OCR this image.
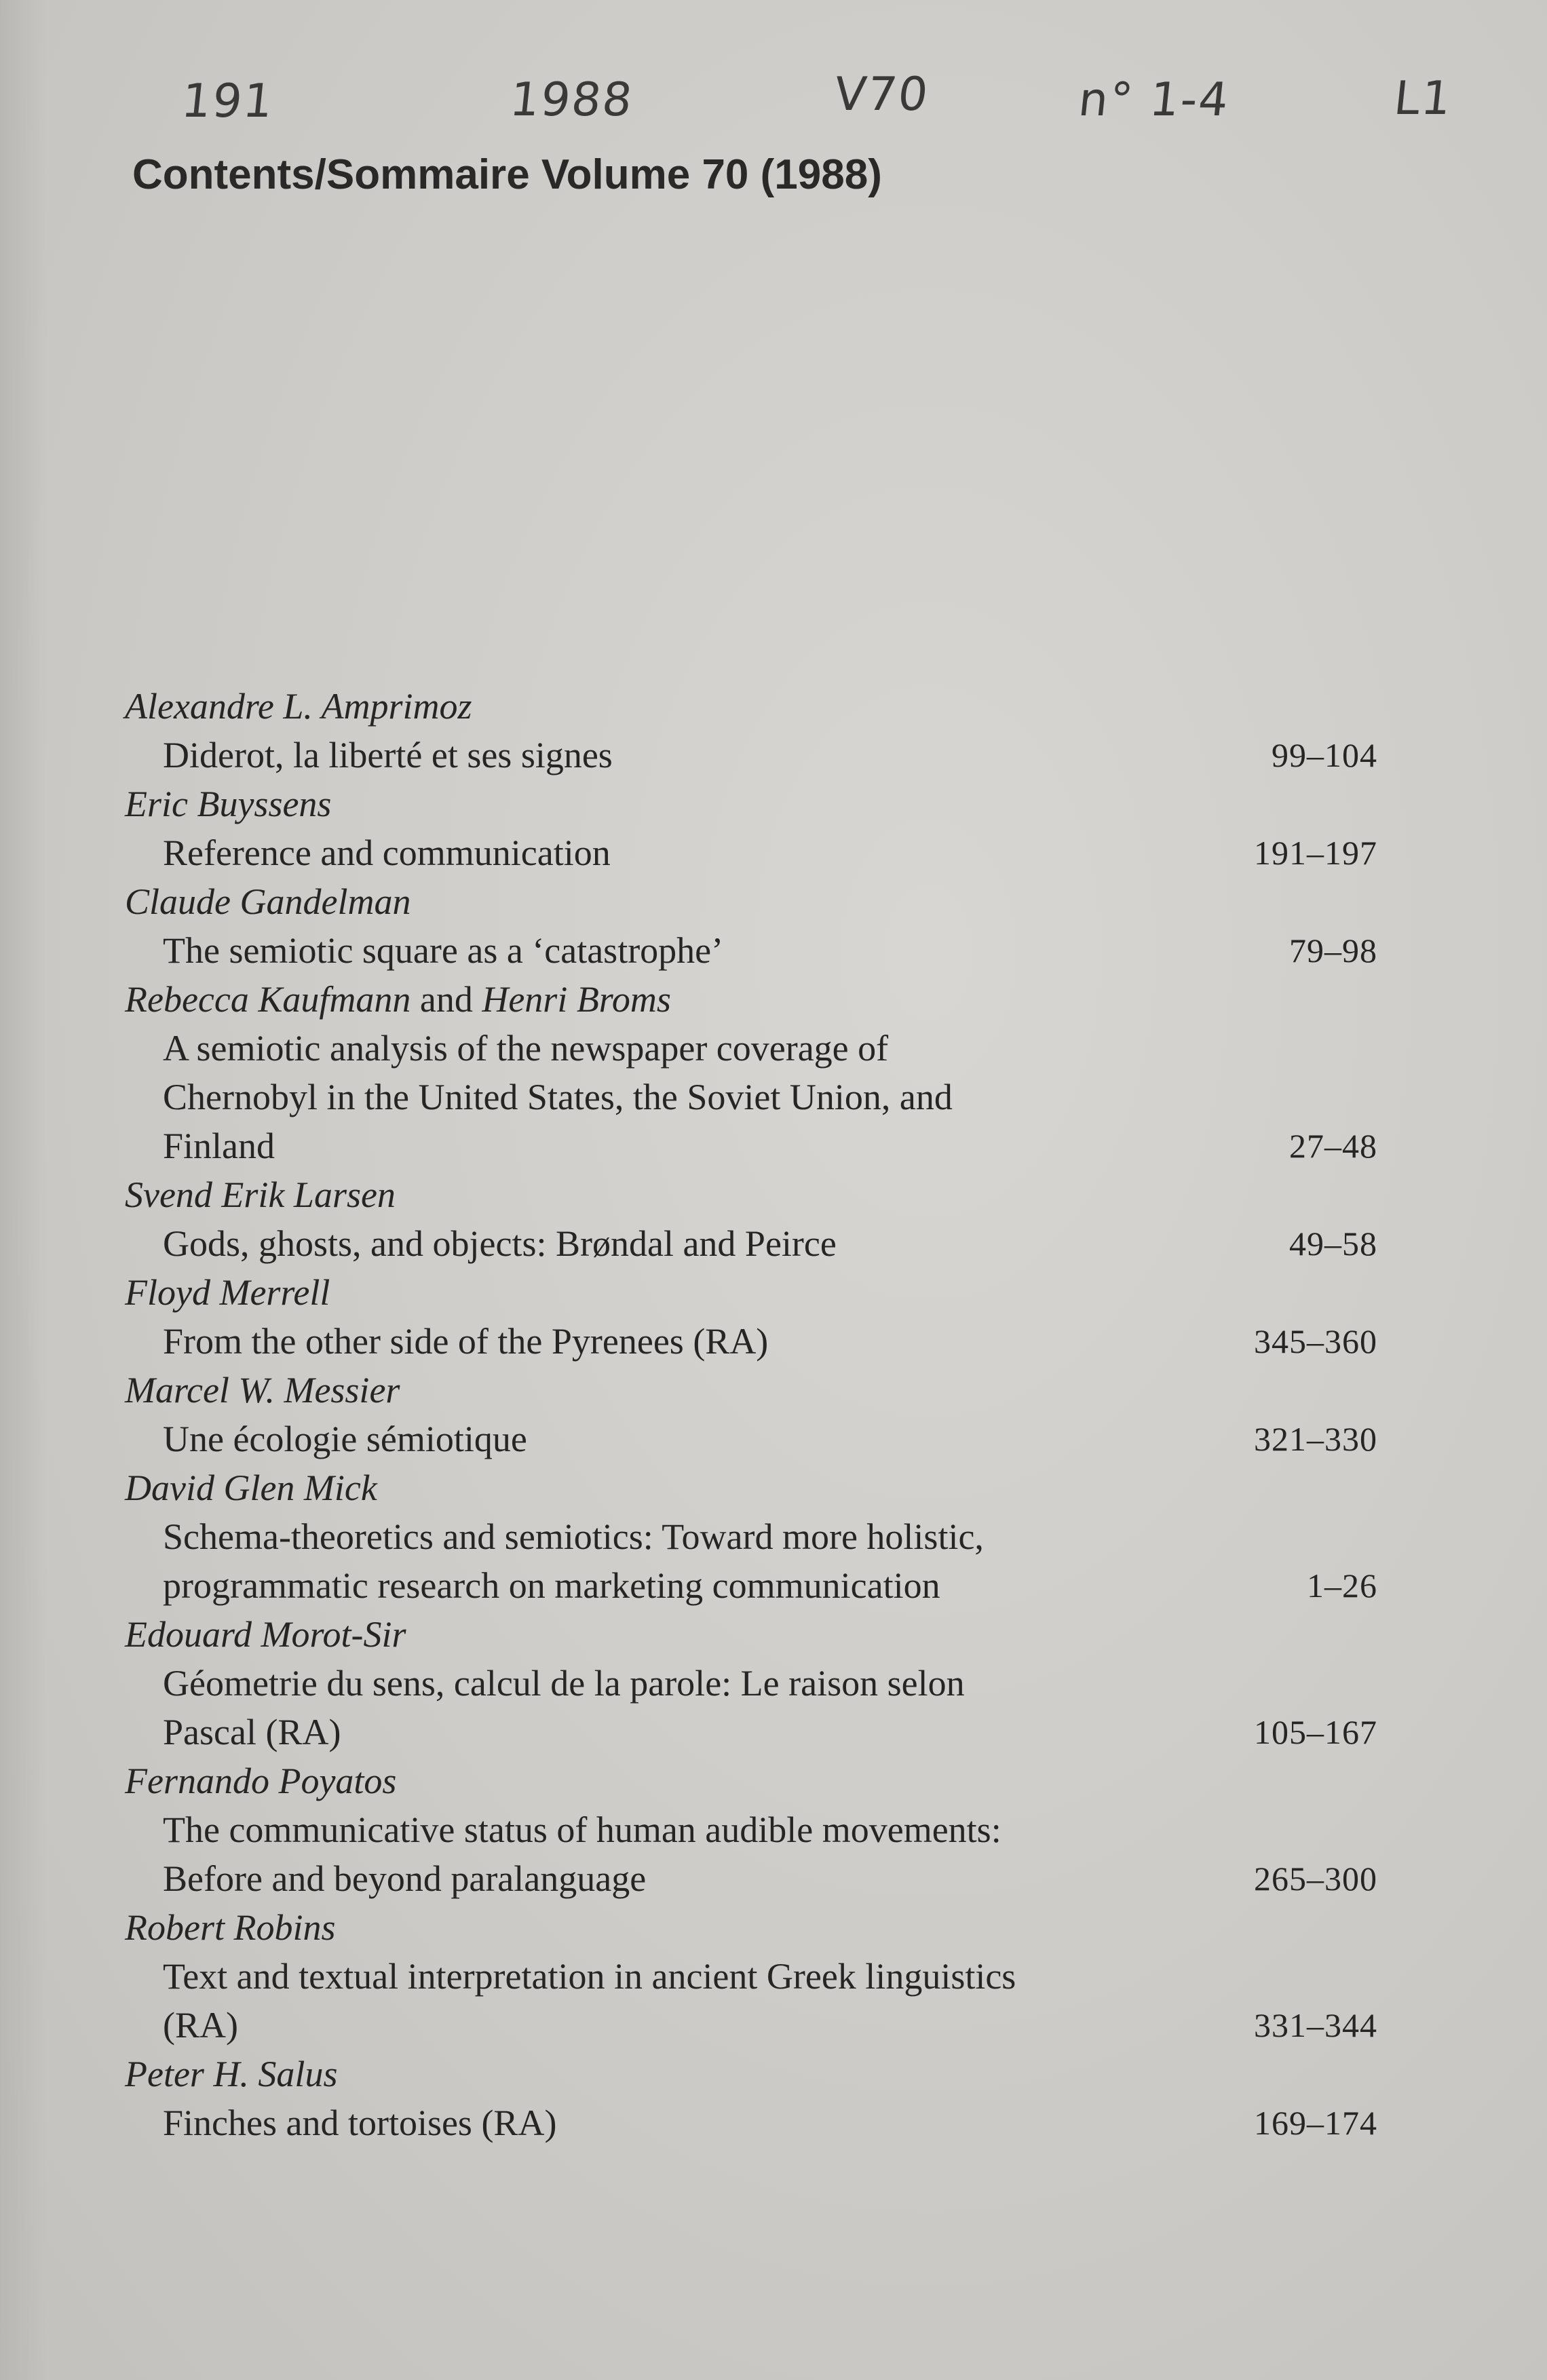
191	1988	V70	n° 1-4	L1
Contents/Sommaire Volume 70 (1988)
Alexandre L. Amprimoz
Diderot, la liberté et ses signes	99–104
Eric Buyssens
Reference and communication	191–197
Claude Gandelman
The semiotic square as a ‘catastrophe’	79–98
Rebecca Kaufmann and Henri Broms
A semiotic analysis of the newspaper coverage of
Chernobyl in the United States, the Soviet Union, and
Finland	27–48
Svend Erik Larsen
Gods, ghosts, and objects: Brøndal and Peirce	49–58
Floyd Merrell
From the other side of the Pyrenees (RA)	345–360
Marcel W. Messier
Une écologie sémiotique	321–330
David Glen Mick
Schema-theoretics and semiotics: Toward more holistic,
programmatic research on marketing communication	1–26
Edouard Morot-Sir
Géometrie du sens, calcul de la parole: Le raison selon
Pascal (RA)	105–167
Fernando Poyatos
The communicative status of human audible movements:
Before and beyond paralanguage	265–300
Robert Robins
Text and textual interpretation in ancient Greek linguistics
(RA)	331–344
Peter H. Salus
Finches and tortoises (RA)	169–174
